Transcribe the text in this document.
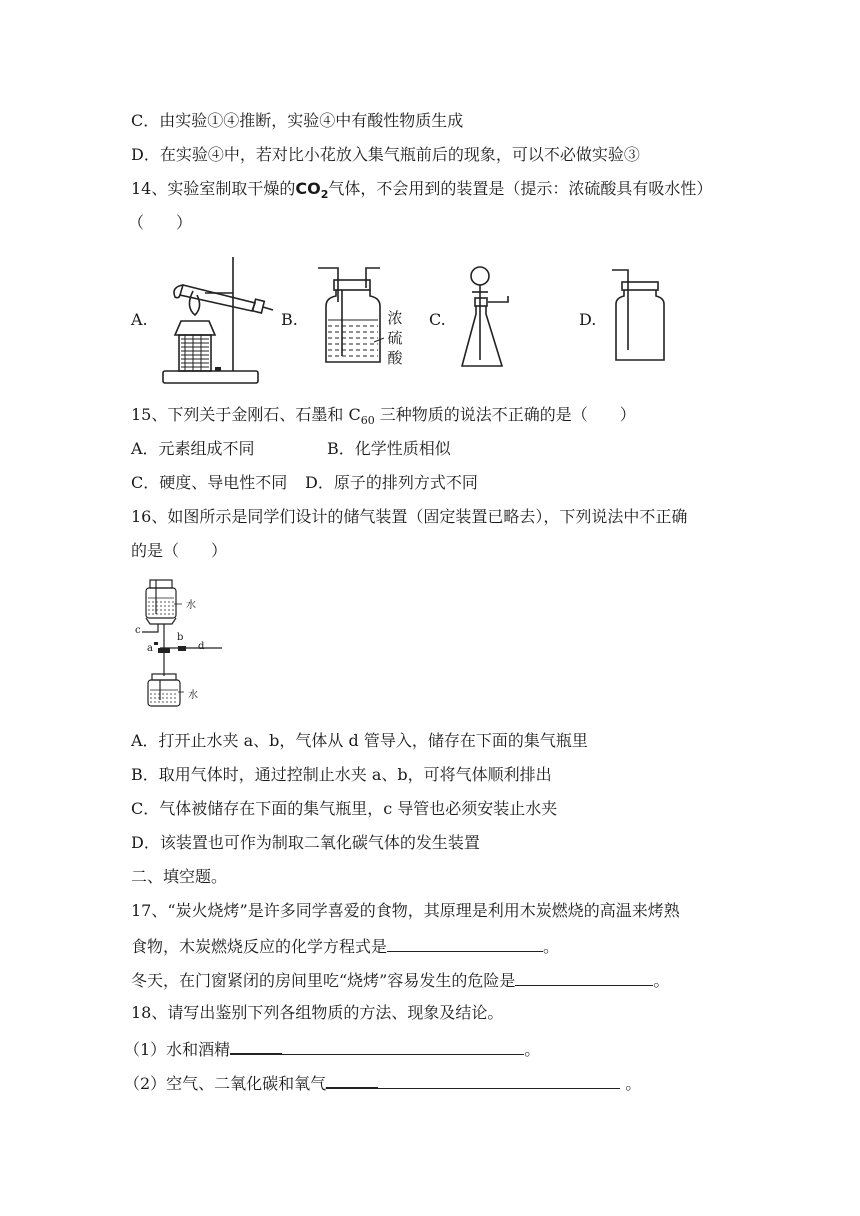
C．由实验①④推断，实验④中有酸性物质生成
D．在实验④中，若对比小花放入集气瓶前后的现象，可以不必做实验③
14、实验室制取干燥的$CO_2$气体，不会用到的装置是（提示：浓硫酸具有吸水性）
（　　）
A.	B.	C.	D.
浓
硫
酸
15、下列关于金刚石、石墨和 $C_{60}$ 三种物质的说法不正确的是（　　）
A．元素组成不同	B．化学性质相似
C．硬度、导电性不同 D．原子的排列方式不同
16、如图所示是同学们设计的储气装置（固定装置已略去），下列说法中不正确
的是（　　）
水
c
b
a	d
水
A．打开止水夹 a、b，气体从 d 管导入，储存在下面的集气瓶里
B．取用气体时，通过控制止水夹 a、b，可将气体顺利排出
C．气体被储存在下面的集气瓶里，c 导管也必须安装止水夹
D．该装置也可作为制取二氧化碳气体的发生装置
二、填空题。
17、“炭火烧烤”是许多同学喜爱的食物，其原理是利用木炭燃烧的高温来烤熟
食物，木炭燃烧反应的化学方程式是	。
冬天，在门窗紧闭的房间里吃“烧烤”容易发生的危险是	。
18、请写出鉴别下列各组物质的方法、现象及结论。
（1）水和酒精	。
（2）空气、二氧化碳和氧气	。
